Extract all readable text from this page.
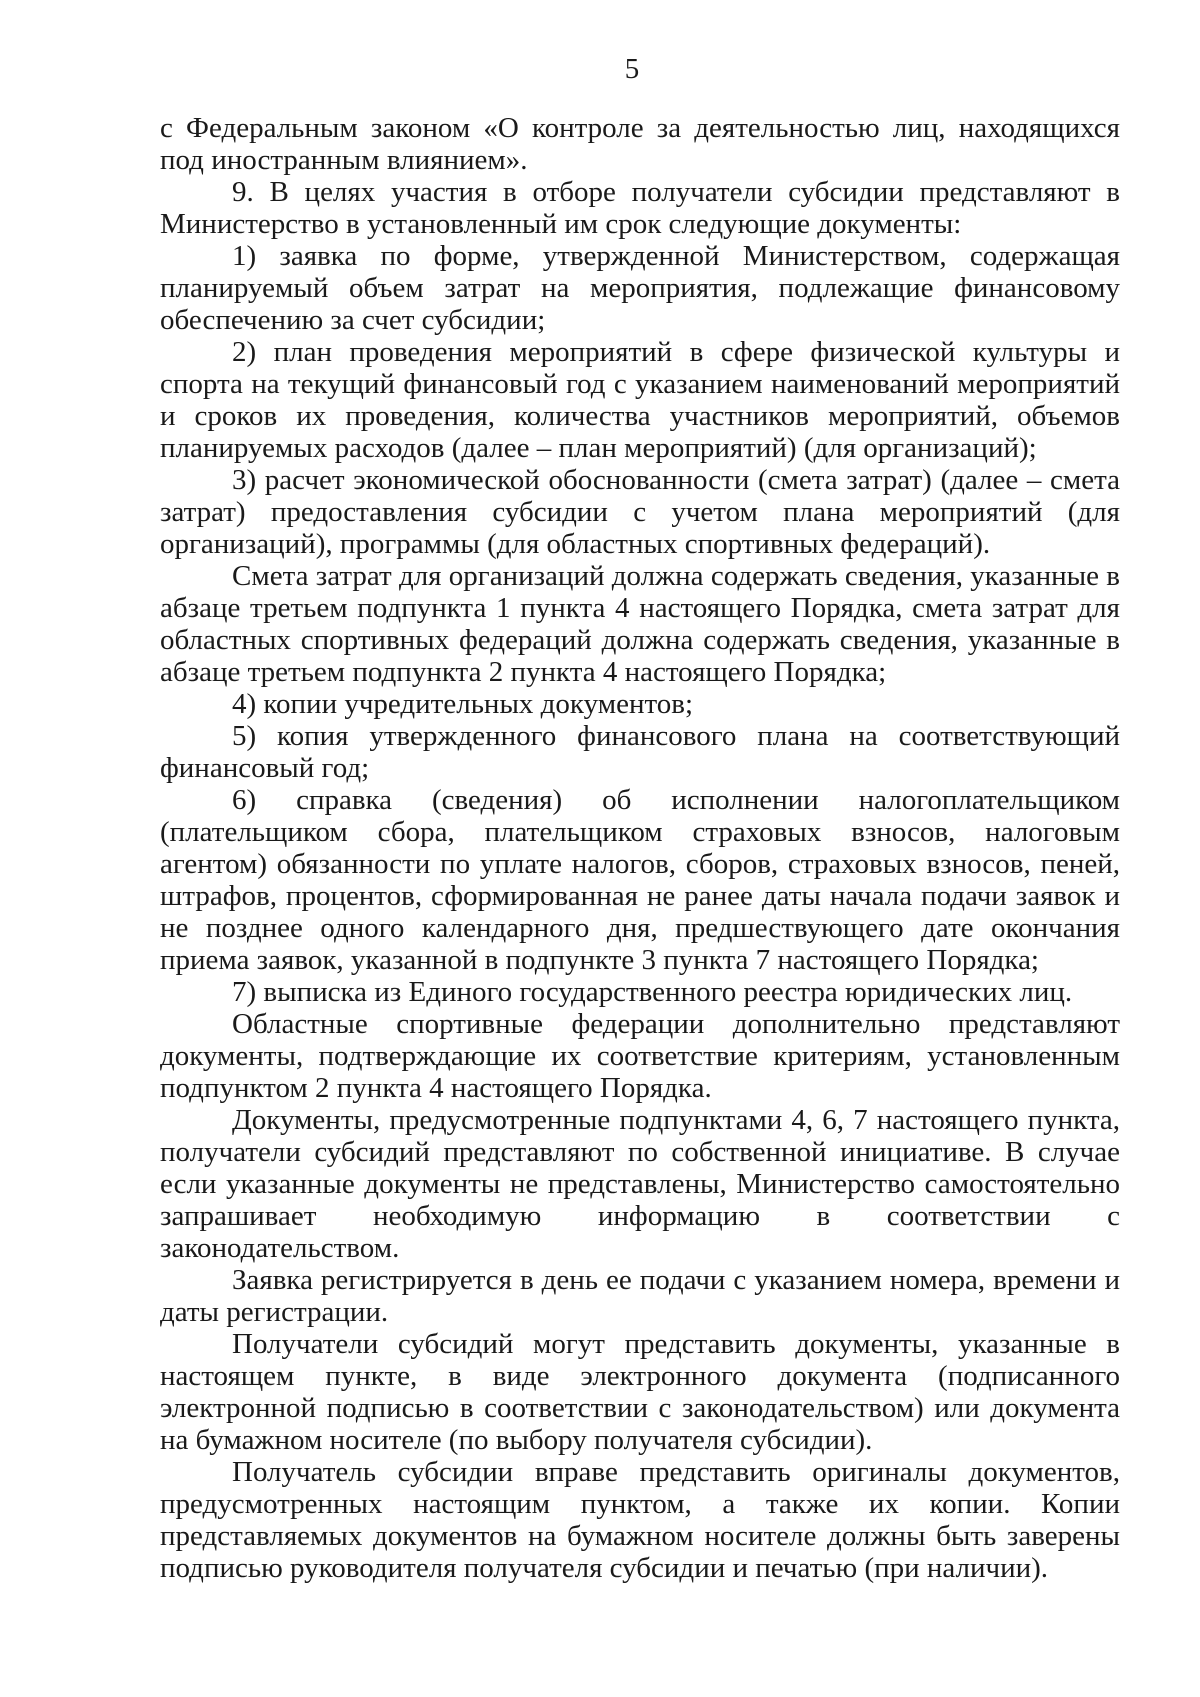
5

с Федеральным законом «О контроле за деятельностью лиц, находящихся под иностранным влиянием».

9. В целях участия в отборе получатели субсидии представляют в Министерство в установленный им срок следующие документы:

1) заявка по форме, утвержденной Министерством, содержащая планируемый объем затрат на мероприятия, подлежащие финансовому обеспечению за счет субсидии;

2) план проведения мероприятий в сфере физической культуры и спорта на текущий финансовый год с указанием наименований мероприятий и сроков их проведения, количества участников мероприятий, объемов планируемых расходов (далее – план мероприятий) (для организаций);

3) расчет экономической обоснованности (смета затрат) (далее – смета затрат) предоставления субсидии с учетом плана мероприятий (для организаций), программы (для областных спортивных федераций).

Смета затрат для организаций должна содержать сведения, указанные в абзаце третьем подпункта 1 пункта 4 настоящего Порядка, смета затрат для областных спортивных федераций должна содержать сведения, указанные в абзаце третьем подпункта 2 пункта 4 настоящего Порядка;

4) копии учредительных документов;

5) копия утвержденного финансового плана на соответствующий финансовый год;

6) справка (сведения) об исполнении налогоплательщиком (плательщиком сбора, плательщиком страховых взносов, налоговым агентом) обязанности по уплате налогов, сборов, страховых взносов, пеней, штрафов, процентов, сформированная не ранее даты начала подачи заявок и не позднее одного календарного дня, предшествующего дате окончания приема заявок, указанной в подпункте 3 пункта 7 настоящего Порядка;

7) выписка из Единого государственного реестра юридических лиц.

Областные спортивные федерации дополнительно представляют документы, подтверждающие их соответствие критериям, установленным подпунктом 2 пункта 4 настоящего Порядка.

Документы, предусмотренные подпунктами 4, 6, 7 настоящего пункта, получатели субсидий представляют по собственной инициативе. В случае если указанные документы не представлены, Министерство самостоятельно запрашивает необходимую информацию в соответствии с законодательством.

Заявка регистрируется в день ее подачи с указанием номера, времени и даты регистрации.

Получатели субсидий могут представить документы, указанные в настоящем пункте, в виде электронного документа (подписанного электронной подписью в соответствии с законодательством) или документа на бумажном носителе (по выбору получателя субсидии).

Получатель субсидии вправе представить оригиналы документов, предусмотренных настоящим пунктом, а также их копии. Копии представляемых документов на бумажном носителе должны быть заверены подписью руководителя получателя субсидии и печатью (при наличии).
